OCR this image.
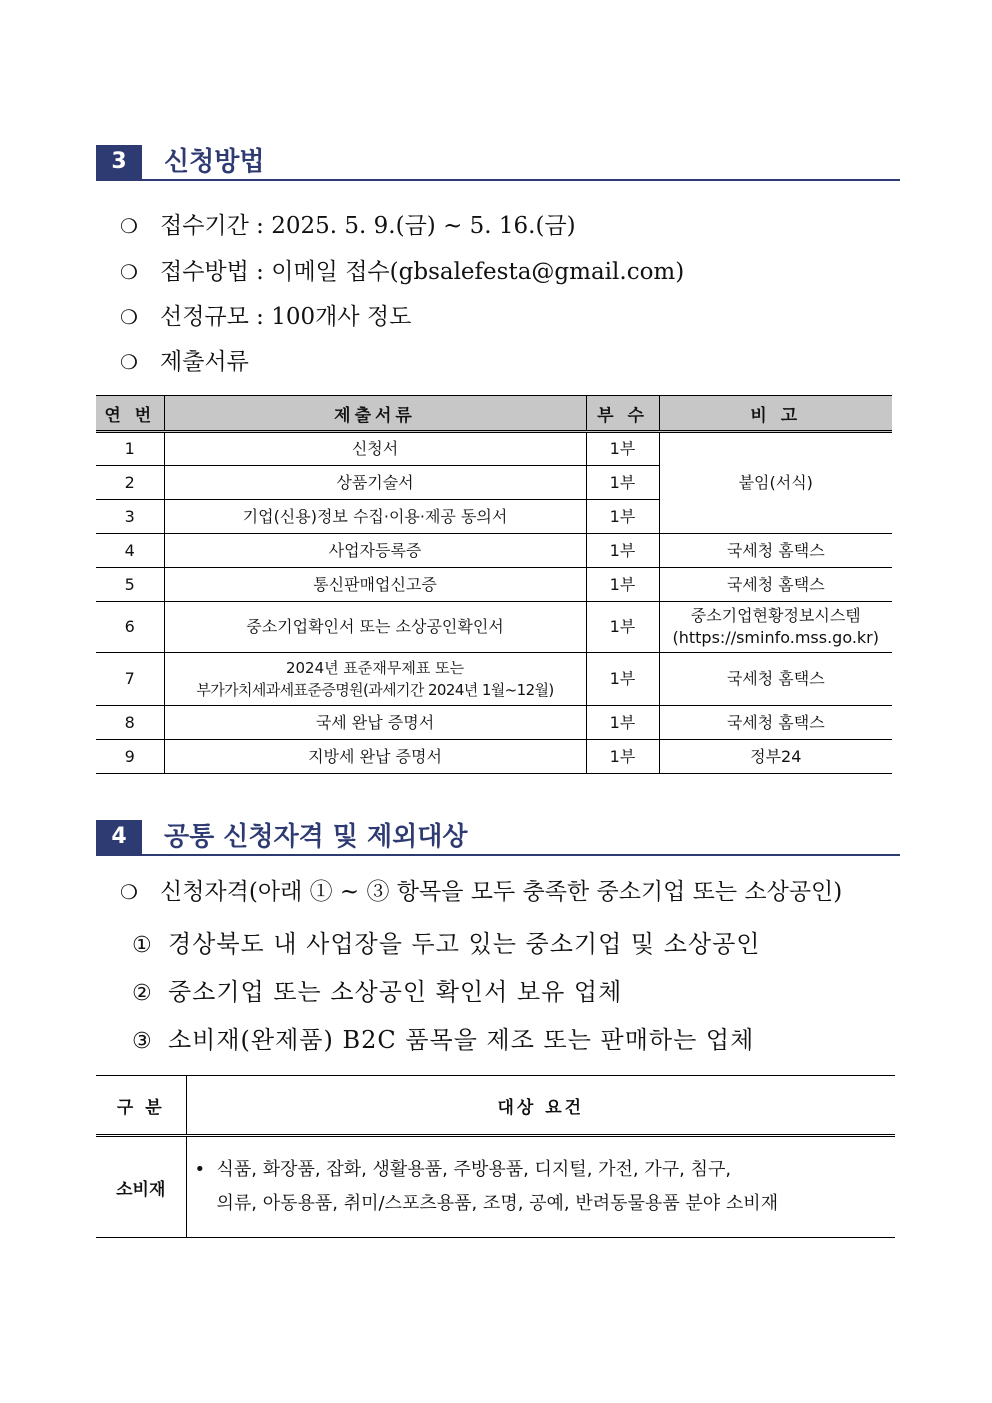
3	신청방법
❍ 접수기간 : 2025. 5. 9.(금) ~ 5. 16.(금)
❍ 접수방법 : 이메일 접수(gbsalefesta@gmail.com)
❍ 선정규모 : 100개사 정도
❍ 제출서류
연 번	제출서류	부 수	비 고
1	신청서	1부	붙임(서식)
2	상품기술서	1부	
3	기업(신용)정보 수집·이용·제공 동의서	1부	
4	사업자등록증	1부	국세청 홈택스
5	통신판매업신고증	1부	국세청 홈택스
6	중소기업확인서 또는 소상공인확인서	1부	중소기업현황정보시스템
(https://sminfo.mss.go.kr)

7	2024년 표준재무제표 또는
부가가치세과세표준증명원(과세기간 2024년 1월~12월)	1부	국세청 홈택스
8	국세 완납 증명서	1부	국세청 홈택스
9	지방세 완납 증명서	1부	정부24
4	공통 신청자격 및 제외대상
❍ 신청자격(아래 ① ~ ③ 항목을 모두 충족한 중소기업 또는 소상공인)
① 경상북도 내 사업장을 두고 있는 중소기업 및 소상공인
② 중소기업 또는 소상공인 확인서 보유 업체
③ 소비재(완제품) B2C 품목을 제조 또는 판매하는 업체
구 분	대상 요건
소비재	• 식품, 화장품, 잡화, 생활용품, 주방용품, 디지털, 가전, 가구, 침구,
의류, 아동용품, 취미/스포츠용품, 조명, 공예, 반려동물용품 분야 소비재
